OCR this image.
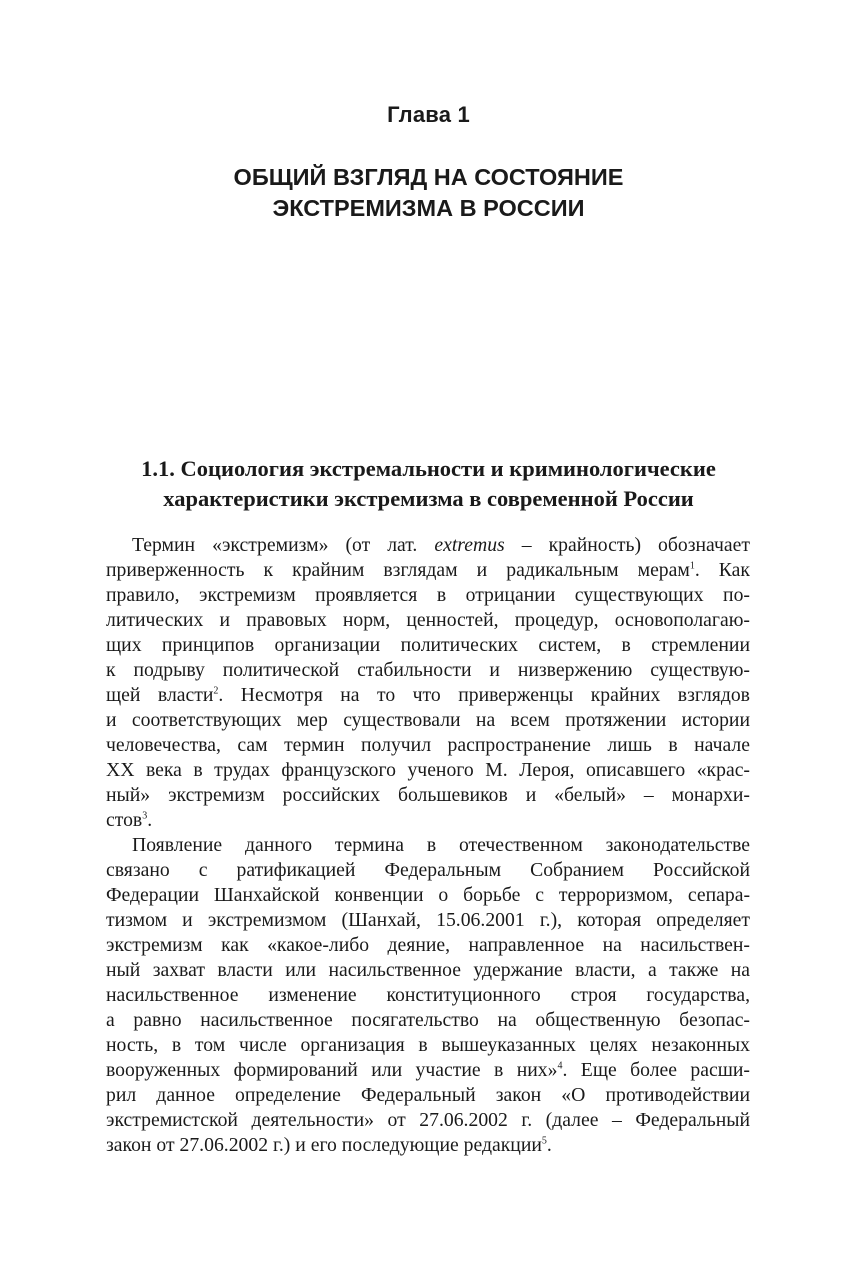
Глава 1
ОБЩИЙ ВЗГЛЯД НА СОСТОЯНИЕ
ЭКСТРЕМИЗМА В РОССИИ
1.1. Социология экстремальности и криминологические
характеристики экстремизма в современной России
Термин «экстремизм» (от лат. extremus – крайность) обозначает
приверженность к крайним взглядам и радикальным мерам$^1$. Как
правило, экстремизм проявляется в отрицании существующих по-
литических и правовых норм, ценностей, процедур, основополагаю-
щих принципов организации политических систем, в стремлении
к подрыву политической стабильности и низвержению существую-
щей власти$^2$. Несмотря на то что приверженцы крайних взглядов
и соответствующих мер существовали на всем протяжении истории
человечества, сам термин получил распространение лишь в начале
XX века в трудах французского ученого М. Лероя, описавшего «крас-
ный» экстремизм российских большевиков и «белый» – монархи-
стов$^3$.
Появление данного термина в отечественном законодательстве
связано с ратификацией Федеральным Собранием Российской
Федерации Шанхайской конвенции о борьбе с терроризмом, сепара-
тизмом и экстремизмом (Шанхай, 15.06.2001 г.), которая определяет
экстремизм как «какое-либо деяние, направленное на насильствен-
ный захват власти или насильственное удержание власти, а также на
насильственное изменение конституционного строя государства,
а равно насильственное посягательство на общественную безопас-
ность, в том числе организация в вышеуказанных целях незаконных
вооруженных формирований или участие в них»$^4$. Еще более расши-
рил данное определение Федеральный закон «О противодействии
экстремистской деятельности» от 27.06.2002 г. (далее – Федеральный
закон от 27.06.2002 г.) и его последующие редакции$^5$.
